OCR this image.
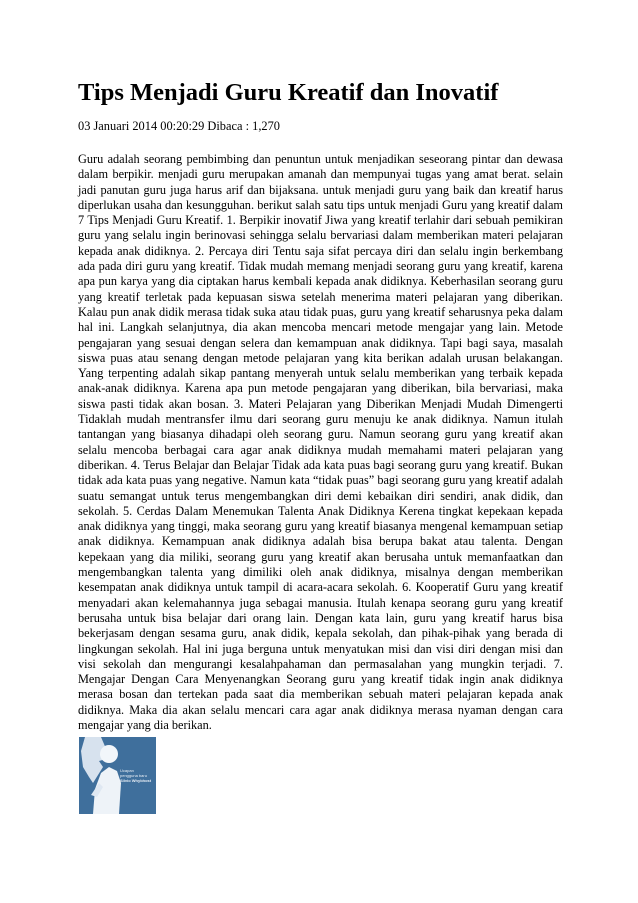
Tips Menjadi Guru Kreatif dan Inovatif
03 Januari 2014 00:20:29 Dibaca : 1,270
Guru adalah seorang pembimbing dan penuntun untuk menjadikan seseorang pintar dan dewasa dalam berpikir. menjadi guru merupakan amanah dan mempunyai tugas yang amat berat. selain jadi panutan guru juga harus arif dan bijaksana. untuk menjadi guru yang baik dan kreatif harus diperlukan usaha dan kesungguhan. berikut salah satu tips untuk menjadi Guru yang kreatif dalam 7 Tips Menjadi Guru Kreatif. 1. Berpikir inovatif Jiwa yang kreatif terlahir dari sebuah pemikiran guru yang selalu ingin berinovasi sehingga selalu bervariasi dalam memberikan materi pelajaran kepada anak didiknya. 2. Percaya diri Tentu saja sifat percaya diri dan selalu ingin berkembang ada pada diri guru yang kreatif. Tidak mudah memang menjadi seorang guru yang kreatif, karena apa pun karya yang dia ciptakan harus kembali kepada anak didiknya. Keberhasilan seorang guru yang kreatif terletak pada kepuasan siswa setelah menerima materi pelajaran yang diberikan. Kalau pun anak didik merasa tidak suka atau tidak puas, guru yang kreatif seharusnya peka dalam hal ini. Langkah selanjutnya, dia akan mencoba mencari metode mengajar yang lain. Metode pengajaran yang sesuai dengan selera dan kemampuan anak didiknya. Tapi bagi saya, masalah siswa puas atau senang dengan metode pelajaran yang kita berikan adalah urusan belakangan. Yang terpenting adalah sikap pantang menyerah untuk selalu memberikan yang terbaik kepada anak-anak didiknya. Karena apa pun metode pengajaran yang diberikan, bila bervariasi, maka siswa pasti tidak akan bosan. 3. Materi Pelajaran yang Diberikan Menjadi Mudah Dimengerti Tidaklah mudah mentransfer ilmu dari seorang guru menuju ke anak didiknya. Namun itulah tantangan yang biasanya dihadapi oleh seorang guru. Namun seorang guru yang kreatif akan selalu mencoba berbagai cara agar anak didiknya mudah memahami materi pelajaran yang diberikan. 4. Terus Belajar dan Belajar Tidak ada kata puas bagi seorang guru yang kreatif. Bukan tidak ada kata puas yang negative. Namun kata “tidak puas” bagi seorang guru yang kreatif adalah suatu semangat untuk terus mengembangkan diri demi kebaikan diri sendiri, anak didik, dan sekolah. 5. Cerdas Dalam Menemukan Talenta Anak Didiknya Kerena tingkat kepekaan kepada anak didiknya yang tinggi, maka seorang guru yang kreatif biasanya mengenal kemampuan setiap anak didiknya. Kemampuan anak didiknya adalah bisa berupa bakat atau talenta. Dengan kepekaan yang dia miliki, seorang guru yang kreatif akan berusaha untuk memanfaatkan dan mengembangkan talenta yang dimiliki oleh anak didiknya, misalnya dengan memberikan kesempatan anak didiknya untuk tampil di acara-acara sekolah. 6. Kooperatif Guru yang kreatif menyadari akan kelemahannya juga sebagai manusia. Itulah kenapa seorang guru yang kreatif berusaha untuk bisa belajar dari orang lain. Dengan kata lain, guru yang kreatif harus bisa bekerjasam dengan sesama guru, anak didik, kepala sekolah, dan pihak-pihak yang berada di lingkungan sekolah. Hal ini juga berguna untuk menyatukan misi dan visi diri dengan misi dan visi sekolah dan mengurangi kesalahpahaman dan permasalahan yang mungkin terjadi. 7. Mengajar Dengan Cara Menyenangkan Seorang guru yang kreatif tidak ingin anak didiknya merasa bosan dan tertekan pada saat dia memberikan sebuah materi pelajaran kepada anak didiknya. Maka dia akan selalu mencari cara agar anak didiknya merasa nyaman dengan cara mengajar yang dia berikan.
Ucapan
pengguna baru
Silvio Whybhost
